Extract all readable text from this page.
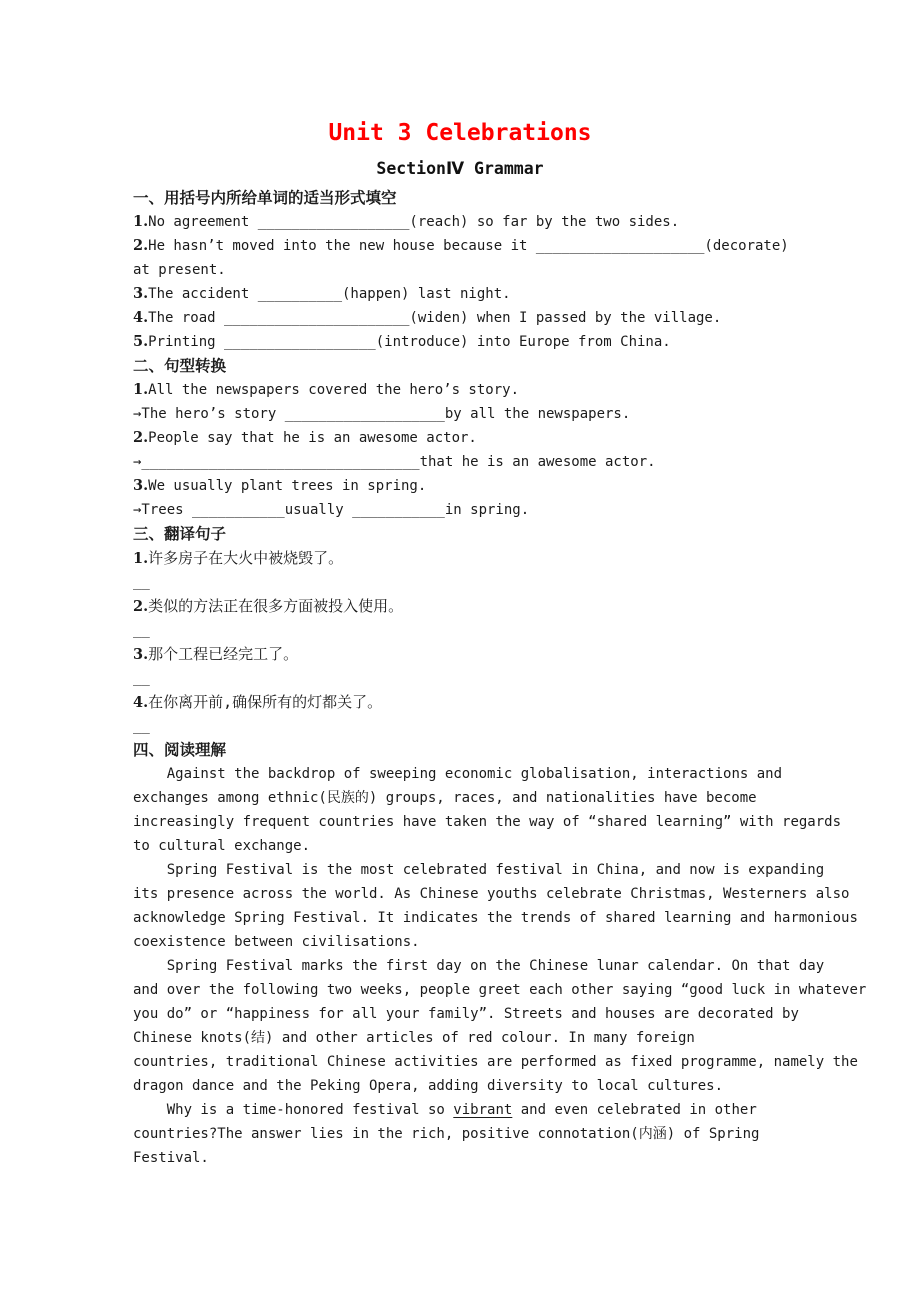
Unit 3 Celebrations
SectionⅣ Grammar
一、用括号内所给单词的适当形式填空
1.No agreement __________________(reach) so far by the two sides.
2.He hasn’t moved into the new house because it ____________________(decorate)
at present.
3.The accident __________(happen) last night.
4.The road ______________________(widen) when I passed by the village.
5.Printing __________________(introduce) into Europe from China.
二、句型转换
1.All the newspapers covered the hero’s story.
→The hero’s story ___________________by all the newspapers.
2.People say that he is an awesome actor.
→_________________________________that he is an awesome actor.
3.We usually plant trees in spring.
→Trees ___________usually ___________in spring.
三、翻译句子
1.许多房子在大火中被烧毁了。
__
2.类似的方法正在很多方面被投入使用。
__
3.那个工程已经完工了。
__
4.在你离开前,确保所有的灯都关了。
__
四、阅读理解
Against the backdrop of sweeping economic globalisation, interactions and
exchanges among ethnic(民族的) groups, races, and nationalities have become
increasingly frequent countries have taken the way of “shared learning” with regards
to cultural exchange.
Spring Festival is the most celebrated festival in China, and now is expanding
its presence across the world. As Chinese youths celebrate Christmas, Westerners also
acknowledge Spring Festival. It indicates the trends of shared learning and harmonious
coexistence between civilisations.
Spring Festival marks the first day on the Chinese lunar calendar. On that day
and over the following two weeks, people greet each other saying “good luck in whatever
you do” or “happiness for all your family”. Streets and houses are decorated by
Chinese knots(结) and other articles of red colour. In many foreign
countries, traditional Chinese activities are performed as fixed programme, namely the
dragon dance and the Peking Opera, adding diversity to local cultures.
Why is a time-honored festival so vibrant and even celebrated in other
countries?The answer lies in the rich, positive connotation(内涵) of Spring
Festival.
